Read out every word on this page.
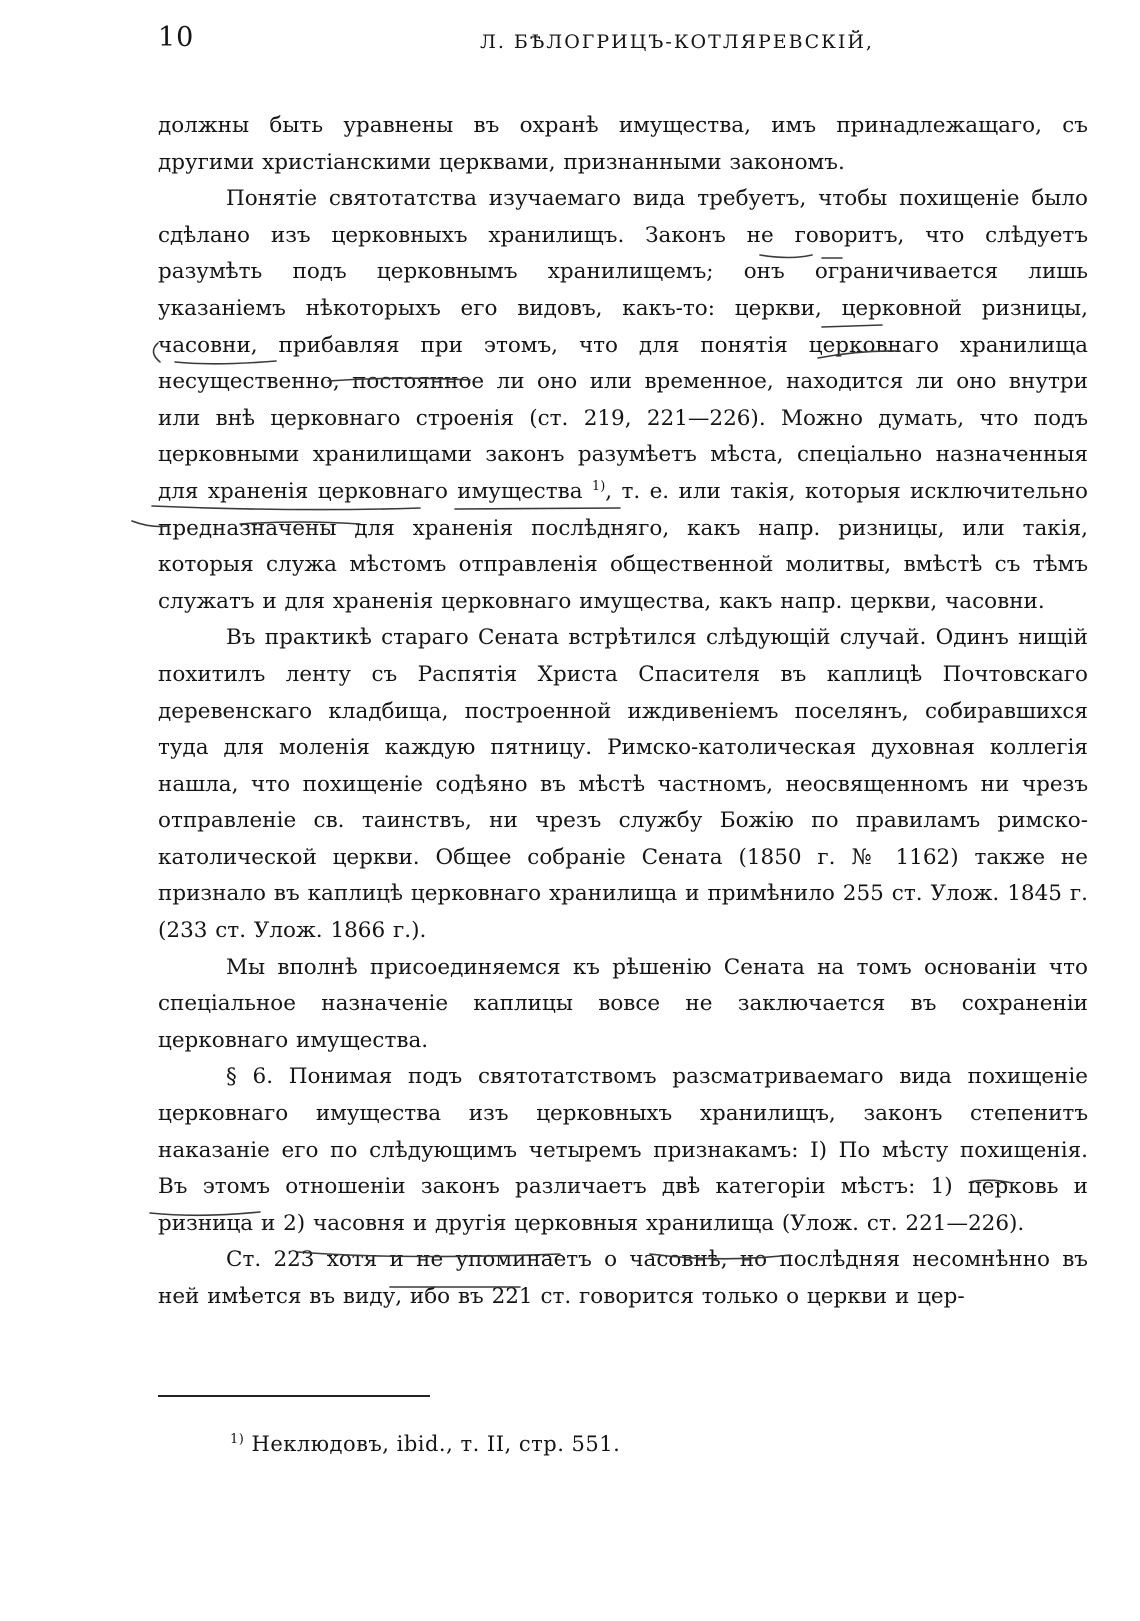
10	Л. БѢЛОГРИЦЪ-КОТЛЯРЕВСКІЙ,

должны быть уравнены въ охранѣ имущества, имъ принадлежащаго, съ другими христіанскими церквами, признанными закономъ.

Понятіе святотатства изучаемаго вида требуетъ, чтобы похищеніе было сдѣлано изъ церковныхъ хранилищъ. Законъ не говоритъ, что слѣдуетъ разумѣть подъ церковнымъ хранилищемъ; онъ ограничивается лишь указаніемъ нѣкоторыхъ его видовъ, какъ-то: церкви, церковной ризницы, часовни, прибавляя при этомъ, что для понятія церковнаго хранилища несущественно, постоянное ли оно или временное, находится ли оно внутри или внѣ церковнаго строенія (ст. 219, 221—226). Можно думать, что подъ церковными хранилищами законъ разумѣетъ мѣста, спеціально назначенныя для храненія церковнаго имущества $^{1)}$, т. е. или такія, которыя исключительно предназначены для храненія послѣдняго, какъ напр. ризницы, или такія, которыя служа мѣстомъ отправленія общественной молитвы, вмѣстѣ съ тѣмъ служатъ и для храненія церковнаго имущества, какъ напр. церкви, часовни.

Въ практикѣ стараго Сената встрѣтился слѣдующій случай. Одинъ нищій похитилъ ленту съ Распятія Христа Спасителя въ каплицѣ Почтовскаго деревенскаго кладбища, построенной иждивеніемъ поселянъ, собиравшихся туда для моленія каждую пятницу. Римско-католическая духовная коллегія нашла, что похищеніе содѣяно въ мѣстѣ частномъ, неосвященномъ ни чрезъ отправленіе св. таинствъ, ни чрезъ службу Божію по правиламъ римско-католической церкви. Общее собраніе Сената (1850 г. № 1162) также не признало въ каплицѣ церковнаго хранилища и примѣнило 255 ст. Улож. 1845 г. (233 ст. Улож. 1866 г.).

Мы вполнѣ присоединяемся къ рѣшенію Сената на томъ основаніи что спеціальное назначеніе каплицы вовсе не заключается въ сохраненіи церковнаго имущества.

§ 6. Понимая подъ святотатствомъ разсматриваемаго вида похищеніе церковнаго имущества изъ церковныхъ хранилищъ, законъ степенитъ наказаніе его по слѣдующимъ четыремъ признакамъ: I) По мѣсту похищенія. Въ этомъ отношеніи законъ различаетъ двѣ категоріи мѣстъ: 1) церковь и ризница и 2) часовня и другія церковныя хранилища (Улож. ст. 221—226).

Ст. 223 хотя и не упоминаетъ о часовнѣ, но послѣдняя несомнѣнно въ ней имѣется въ виду, ибо въ 221 ст. говорится только о церкви и цер-

$^{1)}$ Неклюдовъ, ibid., т. II, стр. 551.
